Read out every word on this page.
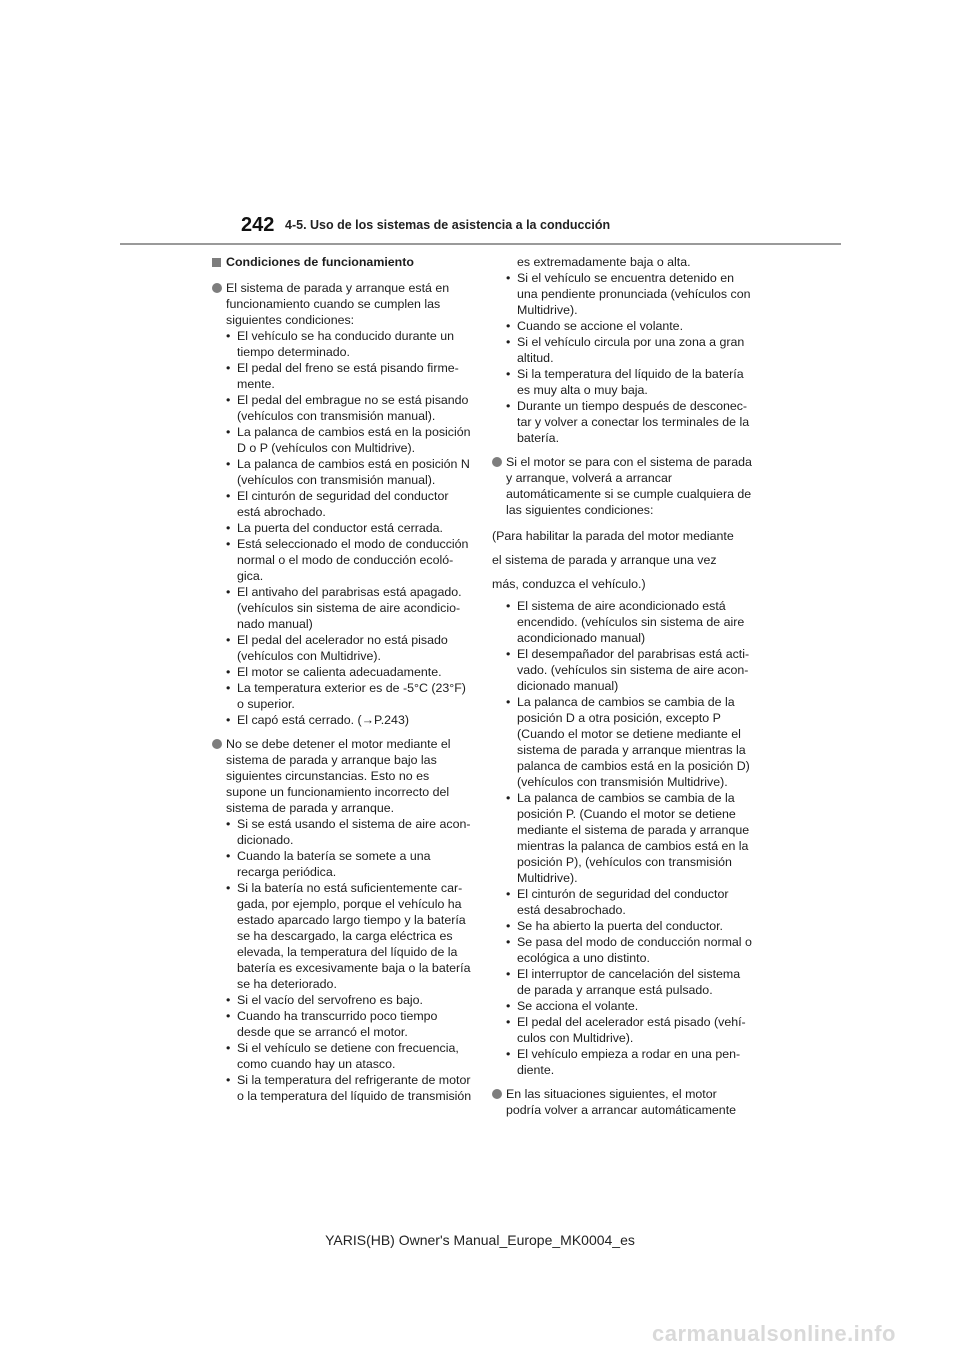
242 4-5. Uso de los sistemas de asistencia a la conducción
Condiciones de funcionamiento
El sistema de parada y arranque está en funcionamiento cuando se cumplen las siguientes condiciones:
• El vehículo se ha conducido durante un tiempo determinado.
• El pedal del freno se está pisando firme-mente.
• El pedal del embrague no se está pisando (vehículos con transmisión manual).
• La palanca de cambios está en la posición D o P (vehículos con Multidrive).
• La palanca de cambios está en posición N (vehículos con transmisión manual).
• El cinturón de seguridad del conductor está abrochado.
• La puerta del conductor está cerrada.
• Está seleccionado el modo de conducción normal o el modo de conducción ecoló-gica.
• El antivaho del parabrisas está apagado. (vehículos sin sistema de aire acondicio-nado manual)
• El pedal del acelerador no está pisado (vehículos con Multidrive).
• El motor se calienta adecuadamente.
• La temperatura exterior es de -5°C (23°F) o superior.
• El capó está cerrado. (→P.243)
No se debe detener el motor mediante el sistema de parada y arranque bajo las siguientes circunstancias. Esto no es supone un funcionamiento incorrecto del sistema de parada y arranque.
• Si se está usando el sistema de aire acon-dicionado.
• Cuando la batería se somete a una recarga periódica.
• Si la batería no está suficientemente car-gada, por ejemplo, porque el vehículo ha estado aparcado largo tiempo y la batería se ha descargado, la carga eléctrica es elevada, la temperatura del líquido de la batería es excesivamente baja o la batería se ha deteriorado.
• Si el vacío del servofreno es bajo.
• Cuando ha transcurrido poco tiempo desde que se arrancó el motor.
• Si el vehículo se detiene con frecuencia, como cuando hay un atasco.
• Si la temperatura del refrigerante de motor o la temperatura del líquido de transmisión
es extremadamente baja o alta.
• Si el vehículo se encuentra detenido en una pendiente pronunciada (vehículos con Multidrive).
• Cuando se accione el volante.
• Si el vehículo circula por una zona a gran altitud.
• Si la temperatura del líquido de la batería es muy alta o muy baja.
• Durante un tiempo después de desconec-tar y volver a conectar los terminales de la batería.
Si el motor se para con el sistema de parada y arranque, volverá a arrancar automáticamente si se cumple cualquiera de las siguientes condiciones:
(Para habilitar la parada del motor mediante
el sistema de parada y arranque una vez
más, conduzca el vehículo.)
• El sistema de aire acondicionado está encendido. (vehículos sin sistema de aire acondicionado manual)
• El desempañador del parabrisas está acti-vado. (vehículos sin sistema de aire acon-dicionado manual)
• La palanca de cambios se cambia de la posición D a otra posición, excepto P (Cuando el motor se detiene mediante el sistema de parada y arranque mientras la palanca de cambios está en la posición D) (vehículos con transmisión Multidrive).
• La palanca de cambios se cambia de la posición P. (Cuando el motor se detiene mediante el sistema de parada y arranque mientras la palanca de cambios está en la posición P), (vehículos con transmisión Multidrive).
• El cinturón de seguridad del conductor está desabrochado.
• Se ha abierto la puerta del conductor.
• Se pasa del modo de conducción normal o ecológica a uno distinto.
• El interruptor de cancelación del sistema de parada y arranque está pulsado.
• Se acciona el volante.
• El pedal del acelerador está pisado (vehí-culos con Multidrive).
• El vehículo empieza a rodar en una pen-diente.
En las situaciones siguientes, el motor podría volver a arrancar automáticamente
YARIS(HB) Owner's Manual_Europe_MK0004_es
carmanualsonline.info
